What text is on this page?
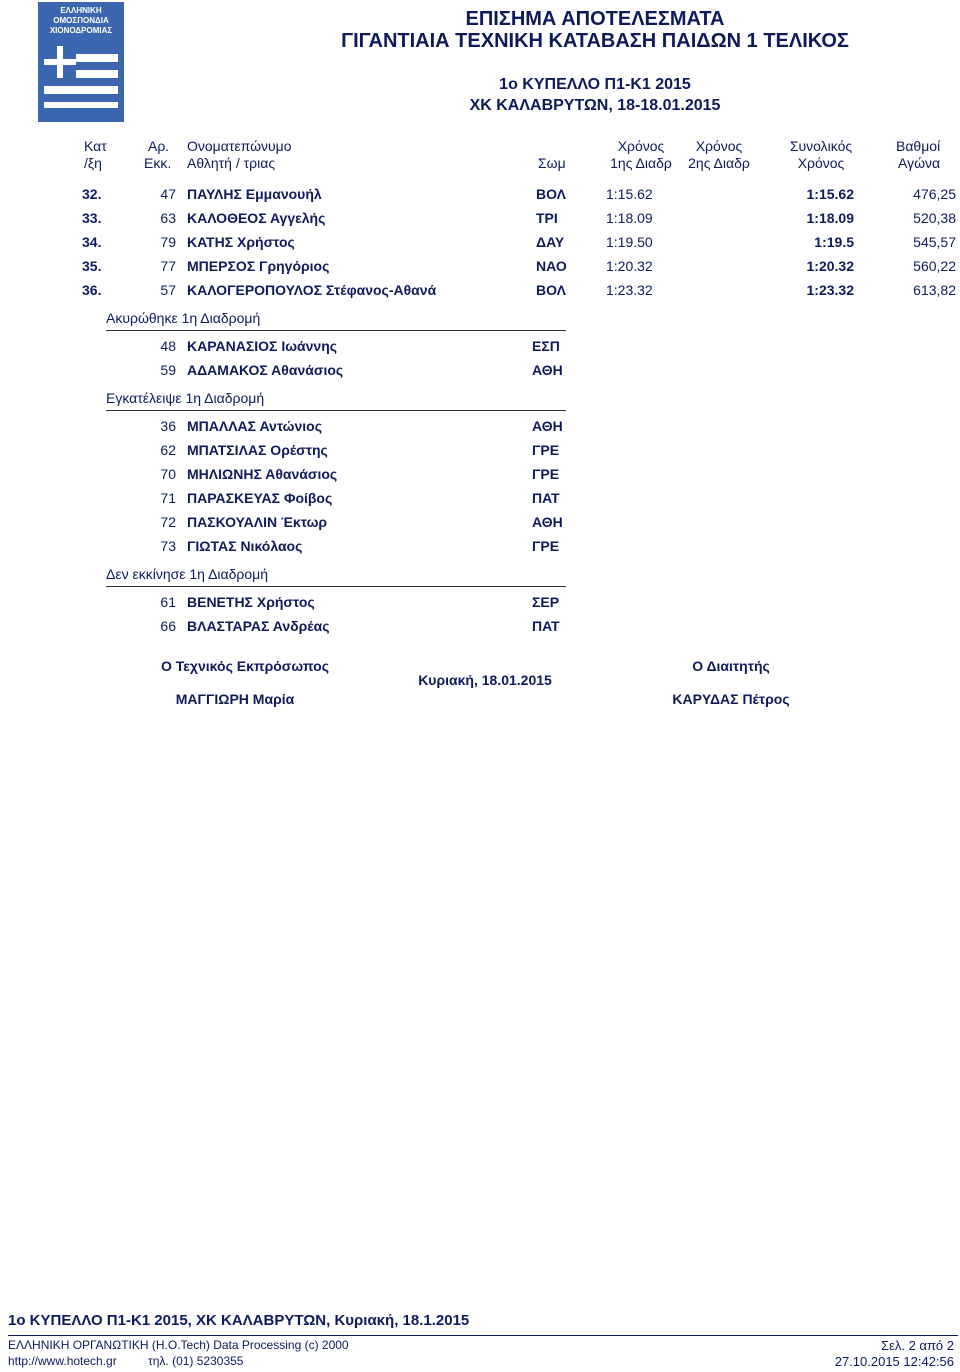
ΕΛΛΗΝΙΚΗ ΟΜΟΣΠΟΝΔΙΑ ΧΙΟΝΟΔΡΟΜΙΑΣ
ΕΠΙΣΗΜΑ ΑΠΟΤΕΛΕΣΜΑΤΑ
ΓΙΓΑΝΤΙΑΙΑ ΤΕΧΝΙΚΗ ΚΑΤΑΒΑΣΗ ΠΑΙΔΩΝ 1 ΤΕΛΙΚΟΣ
1ο ΚΥΠΕΛΛΟ Π1-Κ1 2015
ΧΚ ΚΑΛΑΒΡΥΤΩΝ, 18-18.01.2015
Κατ
/ξη
Αρ.
Εκκ.
Ονοματεπώνυμο
Αθλητή / τριας	Σωμ
Χρόνος
1ης Διαδρ
Χρόνος
2ης Διαδρ
Συνολικός
Χρόνος
Βαθμοί
Αγώνα
32.	47 ΠΑΥΛΗΣ Εμμανουήλ	ΒΟΛ	1:15.62	1:15.62	476,25
33.	63 ΚΑΛΟΘΕΟΣ Αγγελής	ΤΡΙ	1:18.09	1:18.09	520,38
34.	79 ΚΑΤΗΣ Χρήστος	ΔΑΥ	1:19.50	1:19.5	545,57
35.	77 ΜΠΕΡΣΟΣ Γρηγόριος	ΝΑΟ	1:20.32	1:20.32	560,22
36.	57 ΚΑΛΟΓΕΡΟΠΟΥΛΟΣ Στέφανος-Αθανά	ΒΟΛ	1:23.32	1:23.32	613,82
Ακυρώθηκε 1η Διαδρομή
48 ΚΑΡΑΝΑΣΙΟΣ Ιωάννης	ΕΣΠ
59 ΑΔΑΜΑΚΟΣ Αθανάσιος	ΑΘΗ
Εγκατέλειψε 1η Διαδρομή
36 ΜΠΑΛΛΑΣ Αντώνιος	ΑΘΗ
62 ΜΠΑΤΣΙΛΑΣ Ορέστης	ΓΡΕ
70 ΜΗΛΙΩΝΗΣ Αθανάσιος	ΓΡΕ
71 ΠΑΡΑΣΚΕΥΑΣ Φοίβος	ΠΑΤ
72 ΠΑΣΚΟΥΑΛΙΝ Έκτωρ	ΑΘΗ
73 ΓΙΩΤΑΣ Νικόλαος	ΓΡΕ
Δεν εκκίνησε 1η Διαδρομή
61 ΒΕΝΕΤΗΣ Χρήστος	ΣΕΡ
66 ΒΛΑΣΤΑΡΑΣ Ανδρέας	ΠΑΤ
Ο Τεχνικός Εκπρόσωπος
ΜΑΓΓΙΩΡΗ Μαρία
Κυριακή, 18.01.2015
Ο Διαιτητής
ΚΑΡΥΔΑΣ Πέτρος
1ο ΚΥΠΕΛΛΟ Π1-Κ1 2015, ΧΚ ΚΑΛΑΒΡΥΤΩΝ, Κυριακή, 18.1.2015
ΕΛΛΗΝΙΚΗ ΟΡΓΑΝΩΤΙΚΗ (Η.Ο.Tech) Data Processing (c) 2000
http://www.hotech.gr	τηλ. (01) 5230355
Σελ. 2 από 2
27.10.2015 12:42:56
